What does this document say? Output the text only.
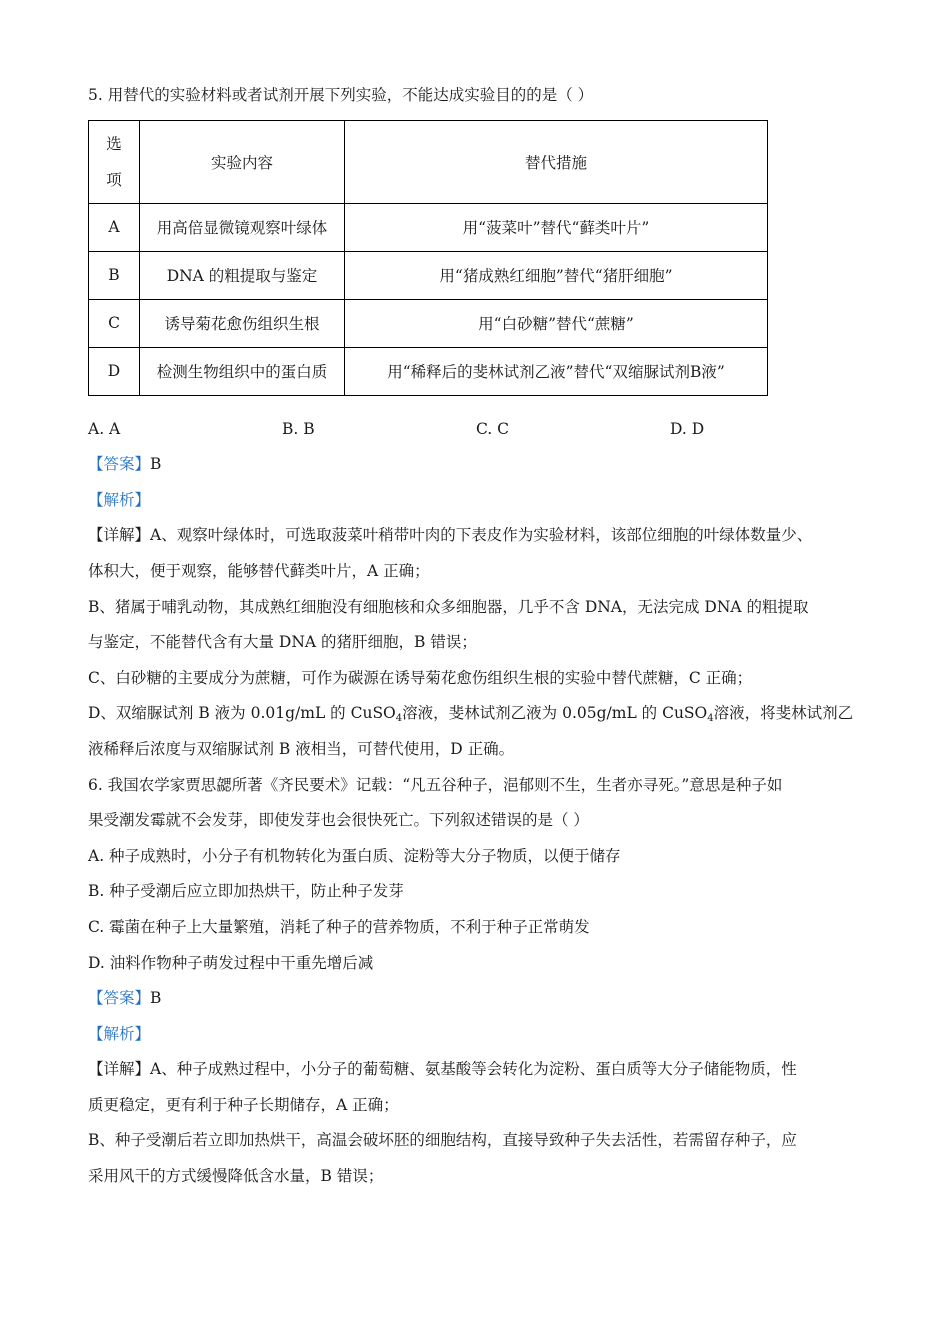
5. 用替代的实验材料或者试剂开展下列实验，不能达成实验目的的是（ ）
选
项	实验内容	替代措施
A	用高倍显微镜观察叶绿体	用“菠菜叶”替代“藓类叶片”
B	DNA 的粗提取与鉴定	用“猪成熟红细胞”替代“猪肝细胞”
C	诱导菊花愈伤组织生根	用“白砂糖”替代“蔗糖”
D	检测生物组织中的蛋白质	用“稀释后的斐林试剂乙液”替代“双缩脲试剂B液”
A. A	B. B	C. C	D. D
【答案】B
【解析】
【详解】A、观察叶绿体时，可选取菠菜叶稍带叶肉的下表皮作为实验材料，该部位细胞的叶绿体数量少、
体积大，便于观察，能够替代藓类叶片，A 正确；
B、猪属于哺乳动物，其成熟红细胞没有细胞核和众多细胞器，几乎不含 DNA，无法完成 DNA 的粗提取
与鉴定，不能替代含有大量 DNA 的猪肝细胞，B 错误；
C、白砂糖的主要成分为蔗糖，可作为碳源在诱导菊花愈伤组织生根的实验中替代蔗糖，C 正确；
D、双缩脲试剂 B 液为 0.01g/mL 的 CuSO$_4$溶液，斐林试剂乙液为 0.05g/mL 的 CuSO$_4$溶液，将斐林试剂乙
液稀释后浓度与双缩脲试剂 B 液相当，可替代使用，D 正确。
6. 我国农学家贾思勰所著《齐民要术》记载：“凡五谷种子，浥郁则不生，生者亦寻死。”意思是种子如
果受潮发霉就不会发芽，即使发芽也会很快死亡。下列叙述错误的是（ ）
A. 种子成熟时，小分子有机物转化为蛋白质、淀粉等大分子物质，以便于储存
B. 种子受潮后应立即加热烘干，防止种子发芽
C. 霉菌在种子上大量繁殖，消耗了种子的营养物质，不利于种子正常萌发
D. 油料作物种子萌发过程中干重先增后减
【答案】B
【解析】
【详解】A、种子成熟过程中，小分子的葡萄糖、氨基酸等会转化为淀粉、蛋白质等大分子储能物质，性
质更稳定，更有利于种子长期储存，A 正确；
B、种子受潮后若立即加热烘干，高温会破坏胚的细胞结构，直接导致种子失去活性，若需留存种子，应
采用风干的方式缓慢降低含水量，B 错误；
